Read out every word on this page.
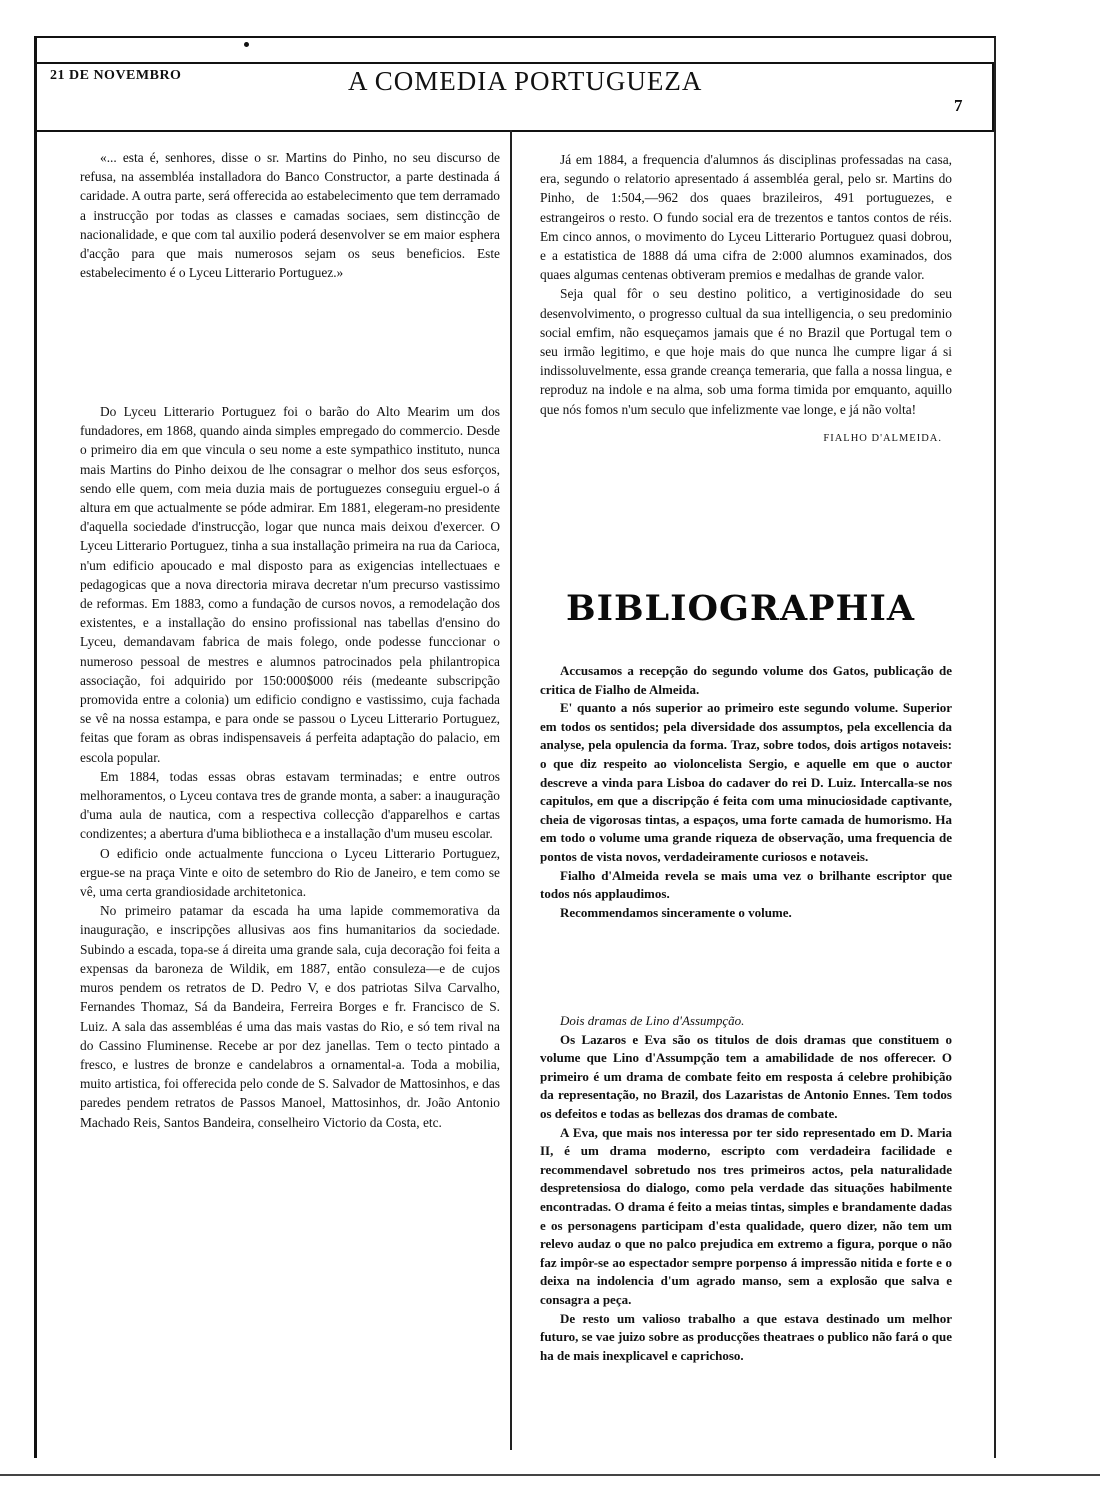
21 DE NOVEMBRO	A COMEDIA PORTUGUEZA
7

«... esta é, senhores, disse o sr. Martins do Pinho, no seu discurso de refusa, na assembléa installadora do Banco Constructor, a parte destinada á caridade. A outra parte, será offerecida ao estabelecimento que tem derramado a instrucção por todas as classes e camadas sociaes, sem distincção de nacionalidade, e que com tal auxilio poderá desenvolver se em maior esphera d'acção para que mais numerosos sejam os seus beneficios. Este estabelecimento é o Lyceu Litterario Portuguez.»

Do Lyceu Litterario Portuguez foi o barão do Alto Mearim um dos fundadores, em 1868, quando ainda simples empregado do commercio. Desde o primeiro dia em que vincula o seu nome a este sympathico instituto, nunca mais Martins do Pinho deixou de lhe consagrar o melhor dos seus esforços, sendo elle quem, com meia duzia mais de portuguezes conseguiu erguel-o á altura em que actualmente se póde admirar. Em 1881, elegeram-no presidente d'aquella sociedade d'instrucção, logar que nunca mais deixou d'exercer. O Lyceu Litterario Portuguez, tinha a sua installação primeira na rua da Carioca, n'um edificio apoucado e mal disposto para as exigencias intellectuaes e pedagogicas que a nova directoria mirava decretar n'um precurso vastissimo de reformas. Em 1883, como a fundação de cursos novos, a remodelação dos existentes, e a installação do ensino profissional nas tabellas d'ensino do Lyceu, demandavam fabrica de mais folego, onde podesse funccionar o numeroso pessoal de mestres e alumnos patrocinados pela philantropica associação, foi adquirido por 150:000$000 réis (medeante subscripção promovida entre a colonia) um edificio condigno e vastissimo, cuja fachada se vê na nossa estampa, e para onde se passou o Lyceu Litterario Portuguez, feitas que foram as obras indispensaveis á perfeita adaptação do palacio, em escola popular.

Em 1884, todas essas obras estavam terminadas; e entre outros melhoramentos, o Lyceu contava tres de grande monta, a saber: a inauguração d'uma aula de nautica, com a respectiva collecção d'apparelhos e cartas condizentes; a abertura d'uma bibliotheca e a installação d'um museu escolar.

O edificio onde actualmente funcciona o Lyceu Litterario Portuguez, ergue-se na praça Vinte e oito de setembro do Rio de Janeiro, e tem como se vê, uma certa grandiosidade architetonica.

No primeiro patamar da escada ha uma lapide commemorativa da inauguração, e inscripções allusivas aos fins humanitarios da sociedade. Subindo a escada, topa-se á direita uma grande sala, cuja decoração foi feita a expensas da baroneza de Wildik, em 1887, então consuleza—e de cujos muros pendem os retratos de D. Pedro V, e dos patriotas Silva Carvalho, Fernandes Thomaz, Sá da Bandeira, Ferreira Borges e fr. Francisco de S. Luiz. A sala das assembléas é uma das mais vastas do Rio, e só tem rival na do Cassino Fluminense. Recebe ar por dez janellas. Tem o tecto pintado a fresco, e lustres de bronze e candelabros a ornamental-a. Toda a mobilia, muito artistica, foi offerecida pelo conde de S. Salvador de Mattosinhos, e das paredes pendem retratos de Passos Manoel, Mattosinhos, dr. João Antonio Machado Reis, Santos Bandeira, conselheiro Victorio da Costa, etc.

Já em 1884, a frequencia d'alumnos ás disciplinas professadas na casa, era, segundo o relatorio apresentado á assembléa geral, pelo sr. Martins do Pinho, de 1:504,—962 dos quaes brazileiros, 491 portuguezes, e estrangeiros o resto. O fundo social era de trezentos e tantos contos de réis. Em cinco annos, o movimento do Lyceu Litterario Portuguez quasi dobrou, e a estatistica de 1888 dá uma cifra de 2:000 alumnos examinados, dos quaes algumas centenas obtiveram premios e medalhas de grande valor.

Seja qual fôr o seu destino politico, a vertiginosidade do seu desenvolvimento, o progresso cultual da sua intelligencia, o seu predominio social emfim, não esqueçamos jamais que é no Brazil que Portugal tem o seu irmão legitimo, e que hoje mais do que nunca lhe cumpre ligar á si indissoluvelmente, essa grande creança temeraria, que falla a nossa lingua, e reproduz na indole e na alma, sob uma forma timida por emquanto, aquillo que nós fomos n'um seculo que infelizmente vae longe, e já não volta!

FIALHO D'ALMEIDA.

BIBLIOGRAPHIA

Accusamos a recepção do segundo volume dos Gatos, publicação de critica de Fialho de Almeida.

E' quanto a nós superior ao primeiro este segundo volume. Superior em todos os sentidos; pela diversidade dos assumptos, pela excellencia da analyse, pela opulencia da forma. Traz, sobre todos, dois artigos notaveis: o que diz respeito ao violoncelista Sergio, e aquelle em que o auctor descreve a vinda para Lisboa do cadaver do rei D. Luiz. Intercalla-se nos capitulos, em que a discripção é feita com uma minuciosidade captivante, cheia de vigorosas tintas, a espaços, uma forte camada de humorismo. Ha em todo o volume uma grande riqueza de observação, uma frequencia de pontos de vista novos, verdadeiramente curiosos e notaveis.

Fialho d'Almeida revela se mais uma vez o brilhante escriptor que todos nós applaudimos.

Recommendamos sinceramente o volume.

Dois dramas de Lino d'Assumpção.

Os Lazaros e Eva são os titulos de dois dramas que constituem o volume que Lino d'Assumpção tem a amabilidade de nos offerecer. O primeiro é um drama de combate feito em resposta á celebre prohibição da representação, no Brazil, dos Lazaristas de Antonio Ennes. Tem todos os defeitos e todas as bellezas dos dramas de combate.

A Eva, que mais nos interessa por ter sido representado em D. Maria II, é um drama moderno, escripto com verdadeira facilidade e recommendavel sobretudo nos tres primeiros actos, pela naturalidade despretensiosa do dialogo, como pela verdade das situações habilmente encontradas. O drama é feito a meias tintas, simples e brandamente dadas e os personagens participam d'esta qualidade, quero dizer, não tem um relevo audaz o que no palco prejudica em extremo a figura, porque o não faz impôr-se ao espectador sempre porpenso á impressão nitida e forte e o deixa na indolencia d'um agrado manso, sem a explosão que salva e consagra a peça.

De resto um valioso trabalho a que estava destinado um melhor futuro, se vae juizo sobre as producções theatraes o publico não fará o que ha de mais inexplicavel e caprichoso.
